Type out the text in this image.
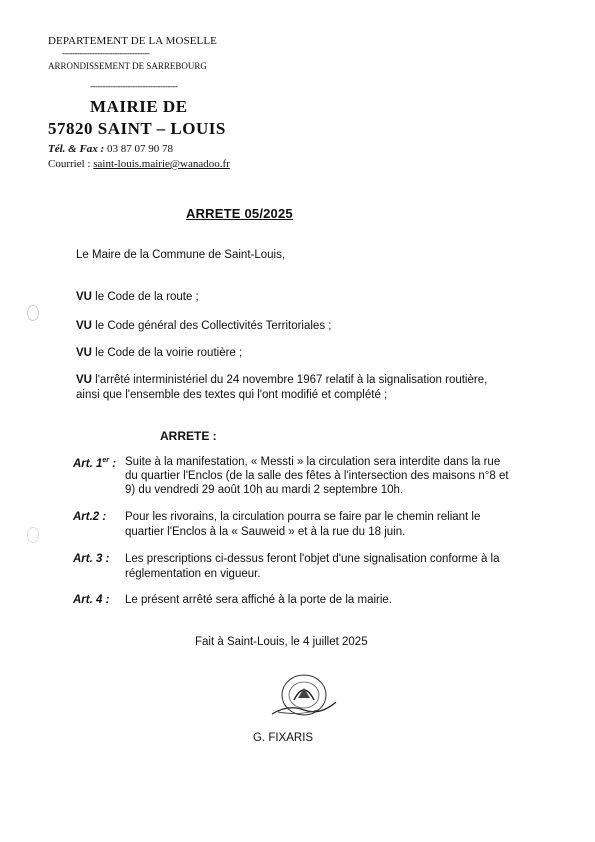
DEPARTEMENT DE LA MOSELLE
-----------------------------------
ARRONDISSEMENT DE SARREBOURG
-----------------------------------
MAIRIE DE
57820 SAINT – LOUIS
Tél. & Fax : 03 87 07 90 78
Courriel : saint-louis.mairie@wanadoo.fr
ARRETE 05/2025
Le Maire de la Commune de Saint-Louis,
VU le Code de la route ;
VU le Code général des Collectivités Territoriales ;
VU le Code de la voirie routière ;
VU l'arrêté interministériel du 24 novembre 1967 relatif à la signalisation routière,
ainsi que l'ensemble des textes qui l'ont modifié et complété ;
ARRETE :
Art. 1er : Suite à la manifestation, « Messti » la circulation sera interdite dans la rue
du quartier l'Enclos (de la salle des fêtes à l'intersection des maisons n°8 et
9) du vendredi 29 août 10h au mardi 2 septembre 10h.
Art.2 : Pour les rivorains, la circulation pourra se faire par le chemin reliant le
quartier l'Enclos à la « Sauweid » et à la rue du 18 juin.
Art. 3 : Les prescriptions ci-dessus feront l'objet d'une signalisation conforme à la
réglementation en vigueur.
Art. 4 : Le présent arrêté sera affiché à la porte de la mairie.
Fait à Saint-Louis, le 4 juillet 2025
G. FIXARIS
